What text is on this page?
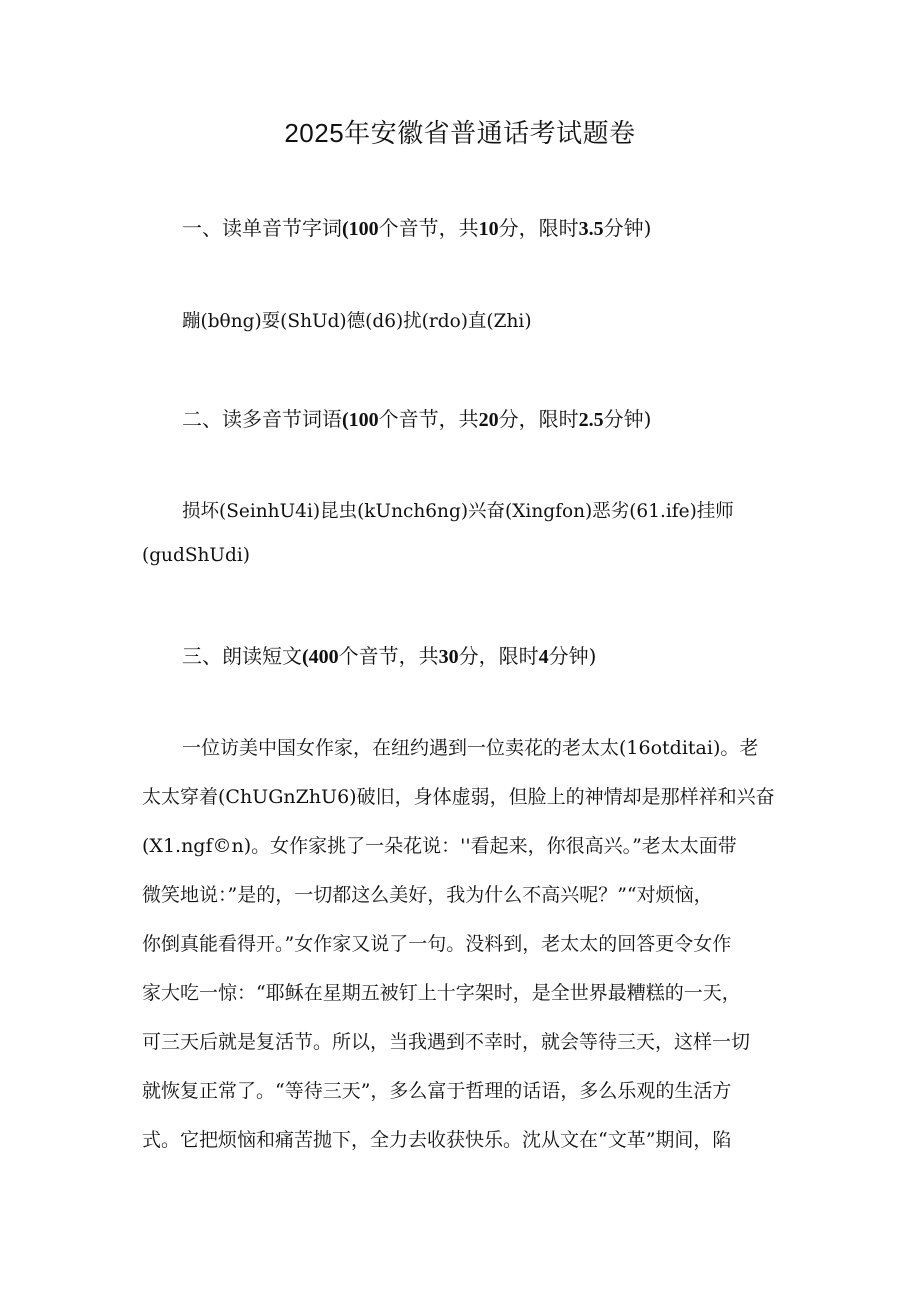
2025年安徽省普通话考试题卷
一、读单音节字词(100个音节，共10分，限时3.5分钟)
蹦(bθng)耍(ShUd)德(d6)扰(rdo)直(Zhi)
二、读多音节词语(100个音节，共20分，限时2.5分钟)
损坏(SeinhU4i)昆虫(kUnch6ng)兴奋(Xingfon)恶劣(61.ife)挂师
(gudShUdi)
三、朗读短文(400个音节，共30分，限时4分钟)
一位访美中国女作家，在纽约遇到一位卖花的老太太(16otditai)。老
太太穿着(ChUGnZhU6)破旧，身体虚弱，但脸上的神情却是那样祥和兴奋
(X1.ngf©n)。女作家挑了一朵花说：''看起来，你很高兴。”老太太面带
微笑地说：”是的，一切都这么美好，我为什么不高兴呢？”“对烦恼，
你倒真能看得开。”女作家又说了一句。没料到，老太太的回答更令女作
家大吃一惊：“耶稣在星期五被钉上十字架时，是全世界最糟糕的一天，
可三天后就是复活节。所以，当我遇到不幸时，就会等待三天，这样一切
就恢复正常了。“等待三天”，多么富于哲理的话语，多么乐观的生活方
式。它把烦恼和痛苦抛下，全力去收获快乐。沈从文在“文革”期间，陷
